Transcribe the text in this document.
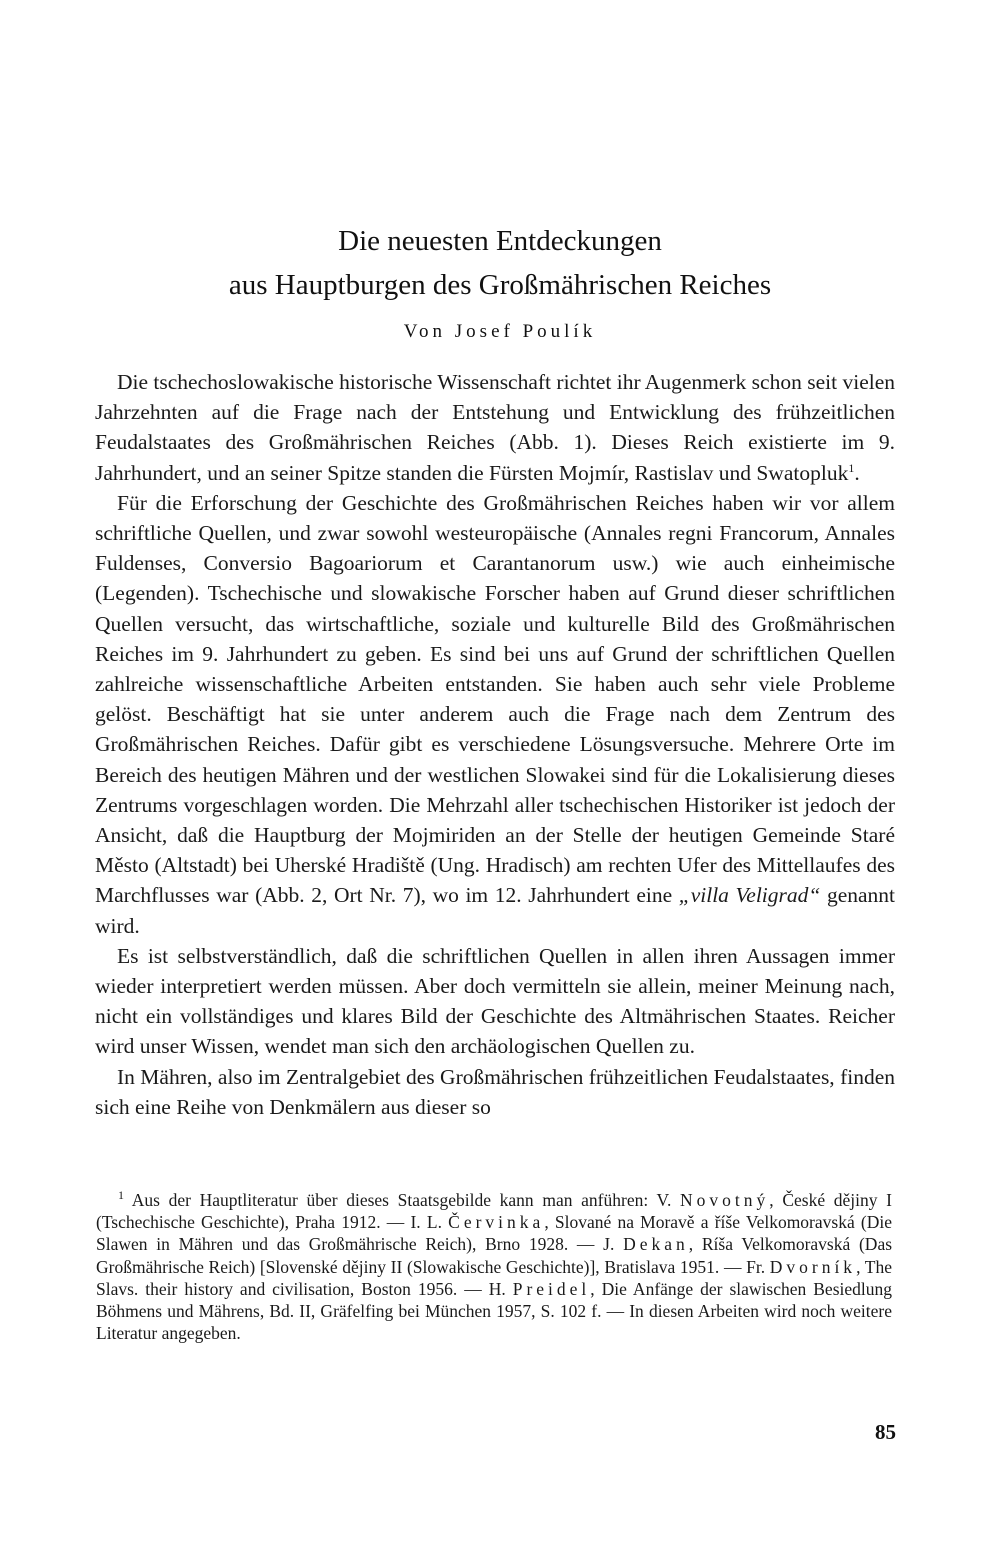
Die neuesten Entdeckungen
aus Hauptburgen des Großmährischen Reiches
Von Josef Poulík

Die tschechoslowakische historische Wissenschaft richtet ihr Augenmerk schon seit vielen Jahrzehnten auf die Frage nach der Entstehung und Entwicklung des frühzeitlichen Feudalstaates des Großmährischen Reiches (Abb. 1). Dieses Reich existierte im 9. Jahrhundert, und an seiner Spitze standen die Fürsten Mojmír, Rastislav und Swatopluk$^1$.

Für die Erforschung der Geschichte des Großmährischen Reiches haben wir vor allem schriftliche Quellen, und zwar sowohl westeuropäische (Annales regni Francorum, Annales Fuldenses, Conversio Bagoariorum et Carantanorum usw.) wie auch einheimische (Legenden). Tschechische und slowakische Forscher haben auf Grund dieser schriftlichen Quellen versucht, das wirtschaftliche, soziale und kulturelle Bild des Großmährischen Reiches im 9. Jahrhundert zu geben. Es sind bei uns auf Grund der schriftlichen Quellen zahlreiche wissenschaftliche Arbeiten entstanden. Sie haben auch sehr viele Probleme gelöst. Beschäftigt hat sie unter anderem auch die Frage nach dem Zentrum des Großmährischen Reiches. Dafür gibt es verschiedene Lösungsversuche. Mehrere Orte im Bereich des heutigen Mähren und der westlichen Slowakei sind für die Lokalisierung dieses Zentrums vorgeschlagen worden. Die Mehrzahl aller tschechischen Historiker ist jedoch der Ansicht, daß die Hauptburg der Mojmiriden an der Stelle der heutigen Gemeinde Staré Město (Altstadt) bei Uherské Hradiště (Ung. Hradisch) am rechten Ufer des Mittellaufes des Marchflusses war (Abb. 2, Ort Nr. 7), wo im 12. Jahrhundert eine „villa Veligrad“ genannt wird.

Es ist selbstverständlich, daß die schriftlichen Quellen in allen ihren Aussagen immer wieder interpretiert werden müssen. Aber doch vermitteln sie allein, meiner Meinung nach, nicht ein vollständiges und klares Bild der Geschichte des Altmährischen Staates. Reicher wird unser Wissen, wendet man sich den archäologischen Quellen zu.

In Mähren, also im Zentralgebiet des Großmährischen frühzeitlichen Feudalstaates, finden sich eine Reihe von Denkmälern aus dieser so

$^1$ Aus der Hauptliteratur über dieses Staatsgebilde kann man anführen: V. Novotný, České dějiny I (Tschechische Geschichte), Praha 1912. — I. L. Červinka, Slované na Moravě a říše Velkomoravská (Die Slawen in Mähren und das Großmährische Reich), Brno 1928. — J. Dekan, Ríša Velkomoravská (Das Großmährische Reich) [Slovenské dějiny II (Slowakische Geschichte)], Bratislava 1951. — Fr. Dvorník, The Slavs. their history and civilisation, Boston 1956. — H. Preidel, Die Anfänge der slawischen Besiedlung Böhmens und Mährens, Bd. II, Gräfelfing bei München 1957, S. 102 f. — In diesen Arbeiten wird noch weitere Literatur angegeben.

85
